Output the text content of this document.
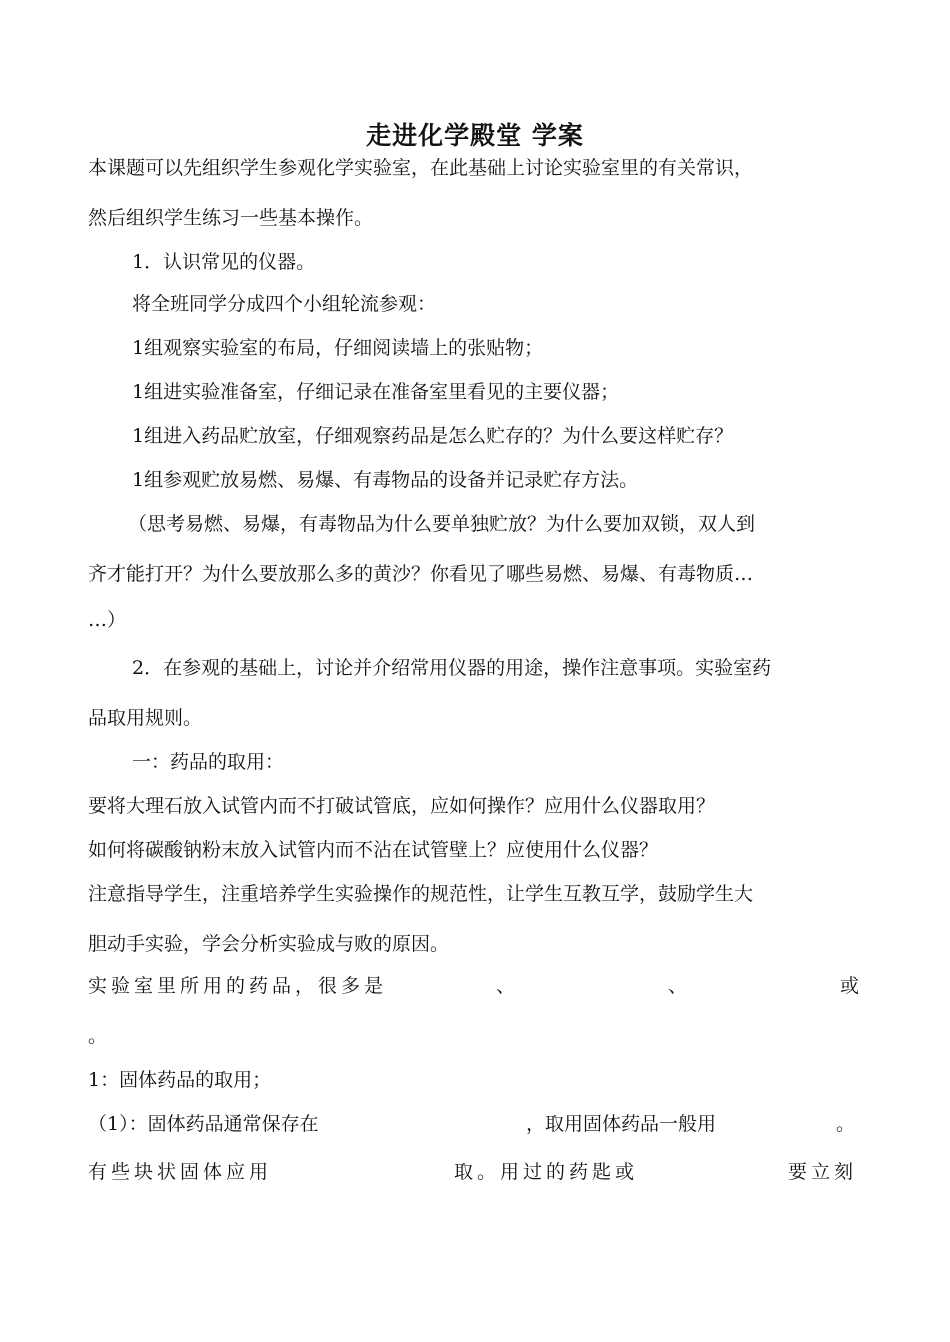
走进化学殿堂 学案
本课题可以先组织学生参观化学实验室，在此基础上讨论实验室里的有关常识，
然后组织学生练习一些基本操作。
1．认识常见的仪器。
将全班同学分成四个小组轮流参观：
1组观察实验室的布局，仔细阅读墙上的张贴物；
1组进实验准备室，仔细记录在准备室里看见的主要仪器；
1组进入药品贮放室，仔细观察药品是怎么贮存的？为什么要这样贮存？
1组参观贮放易燃、易爆、有毒物品的设备并记录贮存方法。
（思考易燃、易爆，有毒物品为什么要单独贮放？为什么要加双锁，双人到
齐才能打开？为什么要放那么多的黄沙？你看见了哪些易燃、易爆、有毒物质…
…）
2．在参观的基础上，讨论并介绍常用仪器的用途，操作注意事项。实验室药
品取用规则。
一：药品的取用：
要将大理石放入试管内而不打破试管底，应如何操作？应用什么仪器取用？
如何将碳酸钠粉末放入试管内而不沾在试管壁上？应使用什么仪器？
注意指导学生，注重培养学生实验操作的规范性，让学生互教互学，鼓励学生大
胆动手实验，学会分析实验成与败的原因。
实验室里所用的药品，很多是	、	、	或
。
1：固体药品的取用；
（1）：固体药品通常保存在	，取用固体药品一般用	。
有些块状固体应用	取。用过的药匙或	要立刻
